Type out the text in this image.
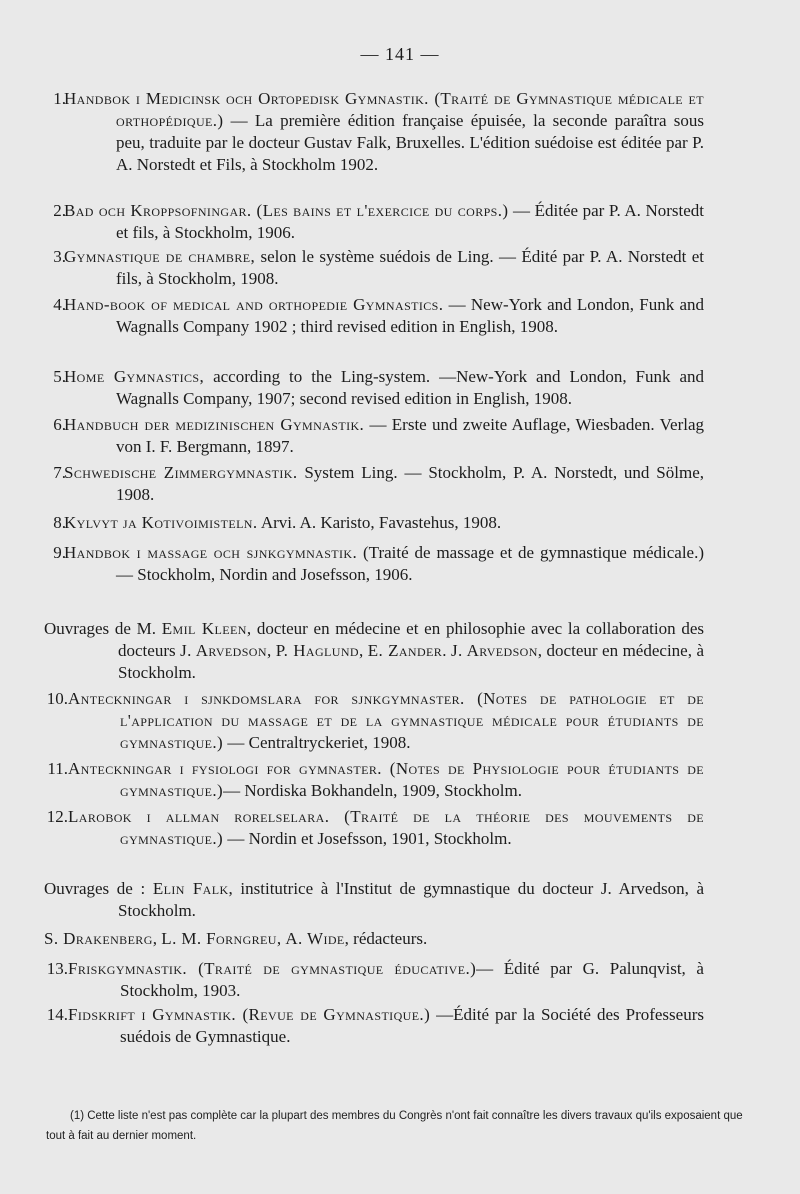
— 141 —
1.
Handbok i Medicinsk och Ortopedisk Gymnastik. (Traité de Gymnastique médicale et orthopédique.) — La première édition française épuisée, la seconde paraîtra sous peu, traduite par le docteur Gustav Falk, Bruxelles. L'édition suédoise est éditée par P. A. Norstedt et Fils, à Stockholm 1902.
2.
Bad och Kroppsofningar. (Les bains et l'exercice du corps.) — Éditée par P. A. Norstedt et fils, à Stockholm, 1906.
3.
Gymnastique de chambre, selon le système suédois de Ling. — Édité par P. A. Norstedt et fils, à Stockholm, 1908.
4.
Hand-book of medical and orthopedie Gymnastics. — New-York and London, Funk and Wagnalls Company 1902 ; third revised edition in English, 1908.
5.
Home Gymnastics, according to the Ling-system. —New-York and London, Funk and Wagnalls Company, 1907; second revised edition in English, 1908.
6.
Handbuch der medizinischen Gymnastik. — Erste und zweite Auflage, Wiesbaden. Verlag von I. F. Bergmann, 1897.
7.
Schwedische Zimmergymnastik. System Ling. — Stockholm, P. A. Norstedt, und Sölme, 1908.
8.
Kylvyt ja Kotivoimisteln. Arvi. A. Karisto, Favastehus, 1908.
9.
Handbok i massage och sjnkgymnastik. (Traité de massage et de gymnastique médicale.) — Stockholm, Nordin and Josefsson, 1906.
Ouvrages de M. Emil Kleen, docteur en médecine et en philosophie avec la collaboration des docteurs J. Arvedson, P. Haglund, E. Zander. J. Arvedson, docteur en médecine, à Stockholm.
10. Anteckningar i sjnkdomslara for sjnkgymnaster. (Notes de pathologie et de l'application du massage et de la gymnastique médicale pour étudiants de gymnastique.) — Centraltryckeriet, 1908.
11. Anteckningar i fysiologi for gymnaster. (Notes de Physiologie pour étudiants de gymnastique.)— Nordiska Bokhandeln, 1909, Stockholm.
12. Larobok i allman rorelselara. (Traité de la théorie des mouvements de gymnastique.) — Nordin et Josefsson, 1901, Stockholm.
Ouvrages de : Elin Falk, institutrice à l'Institut de gymnastique du docteur J. Arvedson, à Stockholm.
S. Drakenberg, L. M. Forngreu, A. Wide, rédacteurs.
13. Friskgymnastik. (Traité de gymnastique éducative.)— Édité par G. Palunqvist, à Stockholm, 1903.
14. Fidskrift i Gymnastik. (Revue de Gymnastique.) —Édité par la Société des Professeurs suédois de Gymnastique.
(1) Cette liste n'est pas complète car la plupart des membres du Congrès n'ont fait connaître les divers travaux qu'ils exposaient que tout à fait au dernier moment.
